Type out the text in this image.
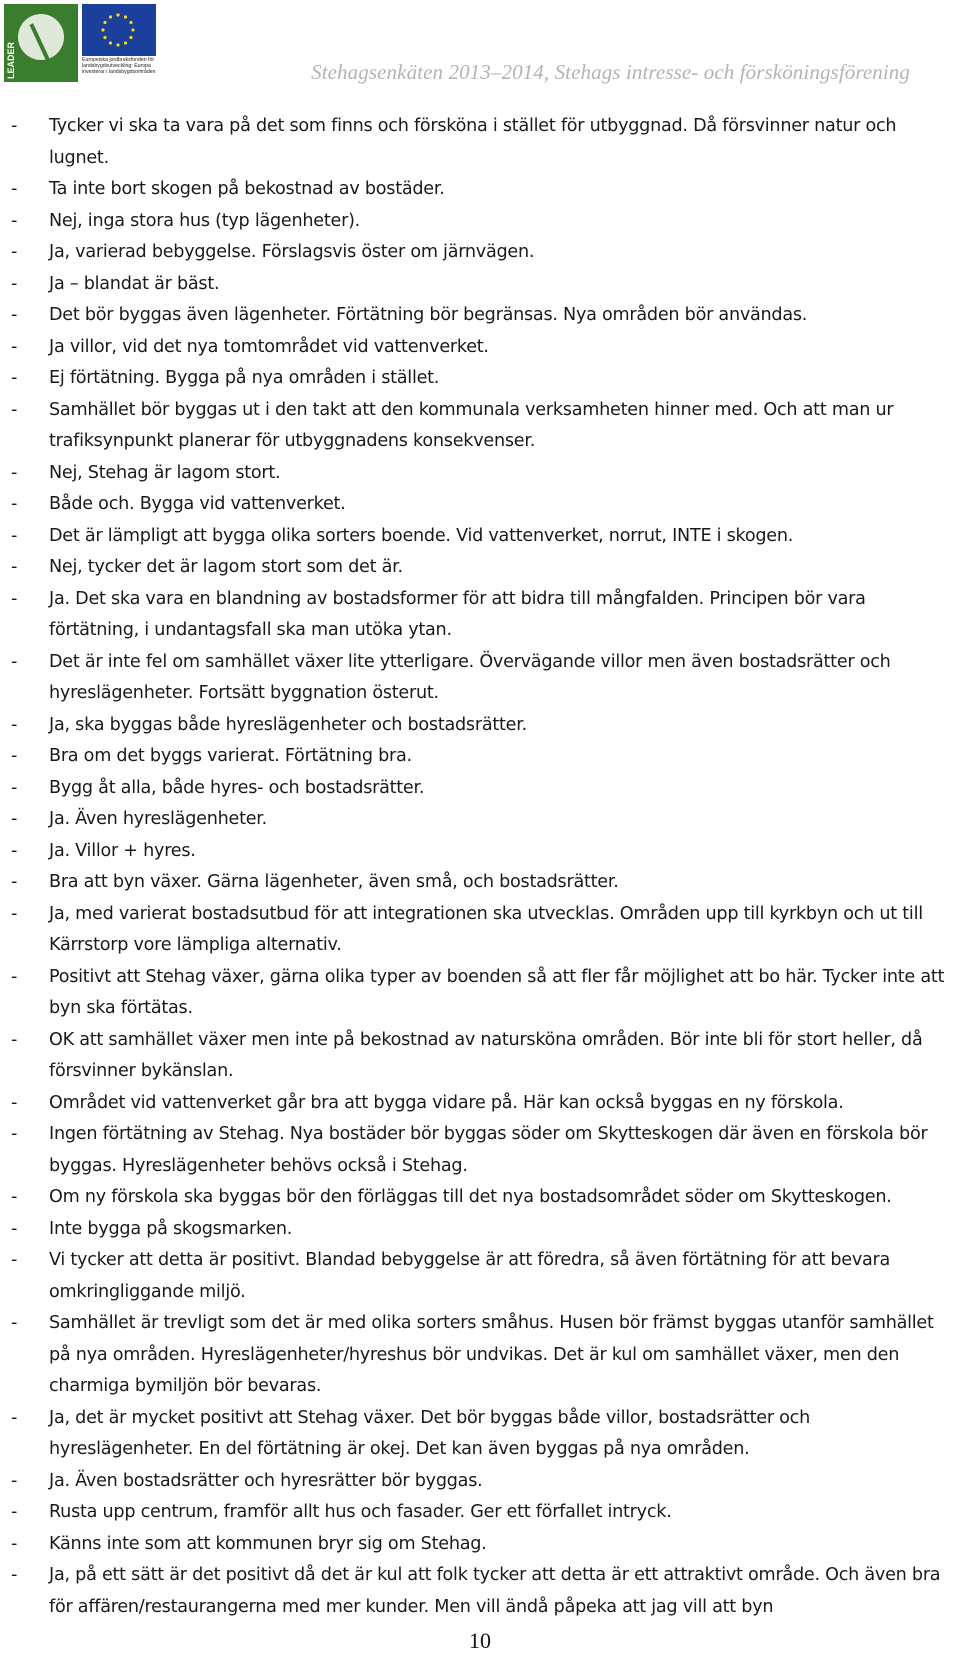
LEADER	Europeiska jordbruksfonden för landsbygdsutveckling: Europa investerar i landsbygdsområden	Stehagsenkäten 2013–2014, Stehags intresse- och försköningsförening
- Tycker vi ska ta vara på det som finns och försköna i stället för utbyggnad. Då försvinner natur och lugnet.
- Ta inte bort skogen på bekostnad av bostäder.
- Nej, inga stora hus (typ lägenheter).
- Ja, varierad bebyggelse. Förslagsvis öster om järnvägen.
- Ja – blandat är bäst.
- Det bör byggas även lägenheter. Förtätning bör begränsas. Nya områden bör användas.
- Ja villor, vid det nya tomtområdet vid vattenverket.
- Ej förtätning. Bygga på nya områden i stället.
- Samhället bör byggas ut i den takt att den kommunala verksamheten hinner med. Och att man ur trafiksynpunkt planerar för utbyggnadens konsekvenser.
- Nej, Stehag är lagom stort.
- Både och. Bygga vid vattenverket.
- Det är lämpligt att bygga olika sorters boende. Vid vattenverket, norrut, INTE i skogen.
- Nej, tycker det är lagom stort som det är.
- Ja. Det ska vara en blandning av bostadsformer för att bidra till mångfalden. Principen bör vara förtätning, i undantagsfall ska man utöka ytan.
- Det är inte fel om samhället växer lite ytterligare. Övervägande villor men även bostadsrätter och hyreslägenheter. Fortsätt byggnation österut.
- Ja, ska byggas både hyreslägenheter och bostadsrätter.
- Bra om det byggs varierat. Förtätning bra.
- Bygg åt alla, både hyres- och bostadsrätter.
- Ja. Även hyreslägenheter.
- Ja. Villor + hyres.
- Bra att byn växer. Gärna lägenheter, även små, och bostadsrätter.
- Ja, med varierat bostadsutbud för att integrationen ska utvecklas. Områden upp till kyrkbyn och ut till Kärrstorp vore lämpliga alternativ.
- Positivt att Stehag växer, gärna olika typer av boenden så att fler får möjlighet att bo här. Tycker inte att byn ska förtätas.
- OK att samhället växer men inte på bekostnad av natursköna områden. Bör inte bli för stort heller, då försvinner bykänslan.
- Området vid vattenverket går bra att bygga vidare på. Här kan också byggas en ny förskola.
- Ingen förtätning av Stehag. Nya bostäder bör byggas söder om Skytteskogen där även en förskola bör byggas. Hyreslägenheter behövs också i Stehag.
- Om ny förskola ska byggas bör den förläggas till det nya bostadsområdet söder om Skytteskogen.
- Inte bygga på skogsmarken.
- Vi tycker att detta är positivt. Blandad bebyggelse är att föredra, så även förtätning för att bevara omkringliggande miljö.
- Samhället är trevligt som det är med olika sorters småhus. Husen bör främst byggas utanför samhället på nya områden. Hyreslägenheter/hyreshus bör undvikas. Det är kul om samhället växer, men den charmiga bymiljön bör bevaras.
- Ja, det är mycket positivt att Stehag växer. Det bör byggas både villor, bostadsrätter och hyreslägenheter. En del förtätning är okej. Det kan även byggas på nya områden.
- Ja. Även bostadsrätter och hyresrätter bör byggas.
- Rusta upp centrum, framför allt hus och fasader. Ger ett förfallet intryck.
- Känns inte som att kommunen bryr sig om Stehag.
- Ja, på ett sätt är det positivt då det är kul att folk tycker att detta är ett attraktivt område. Och även bra för affären/restaurangerna med mer kunder. Men vill ändå påpeka att jag vill att byn
10
